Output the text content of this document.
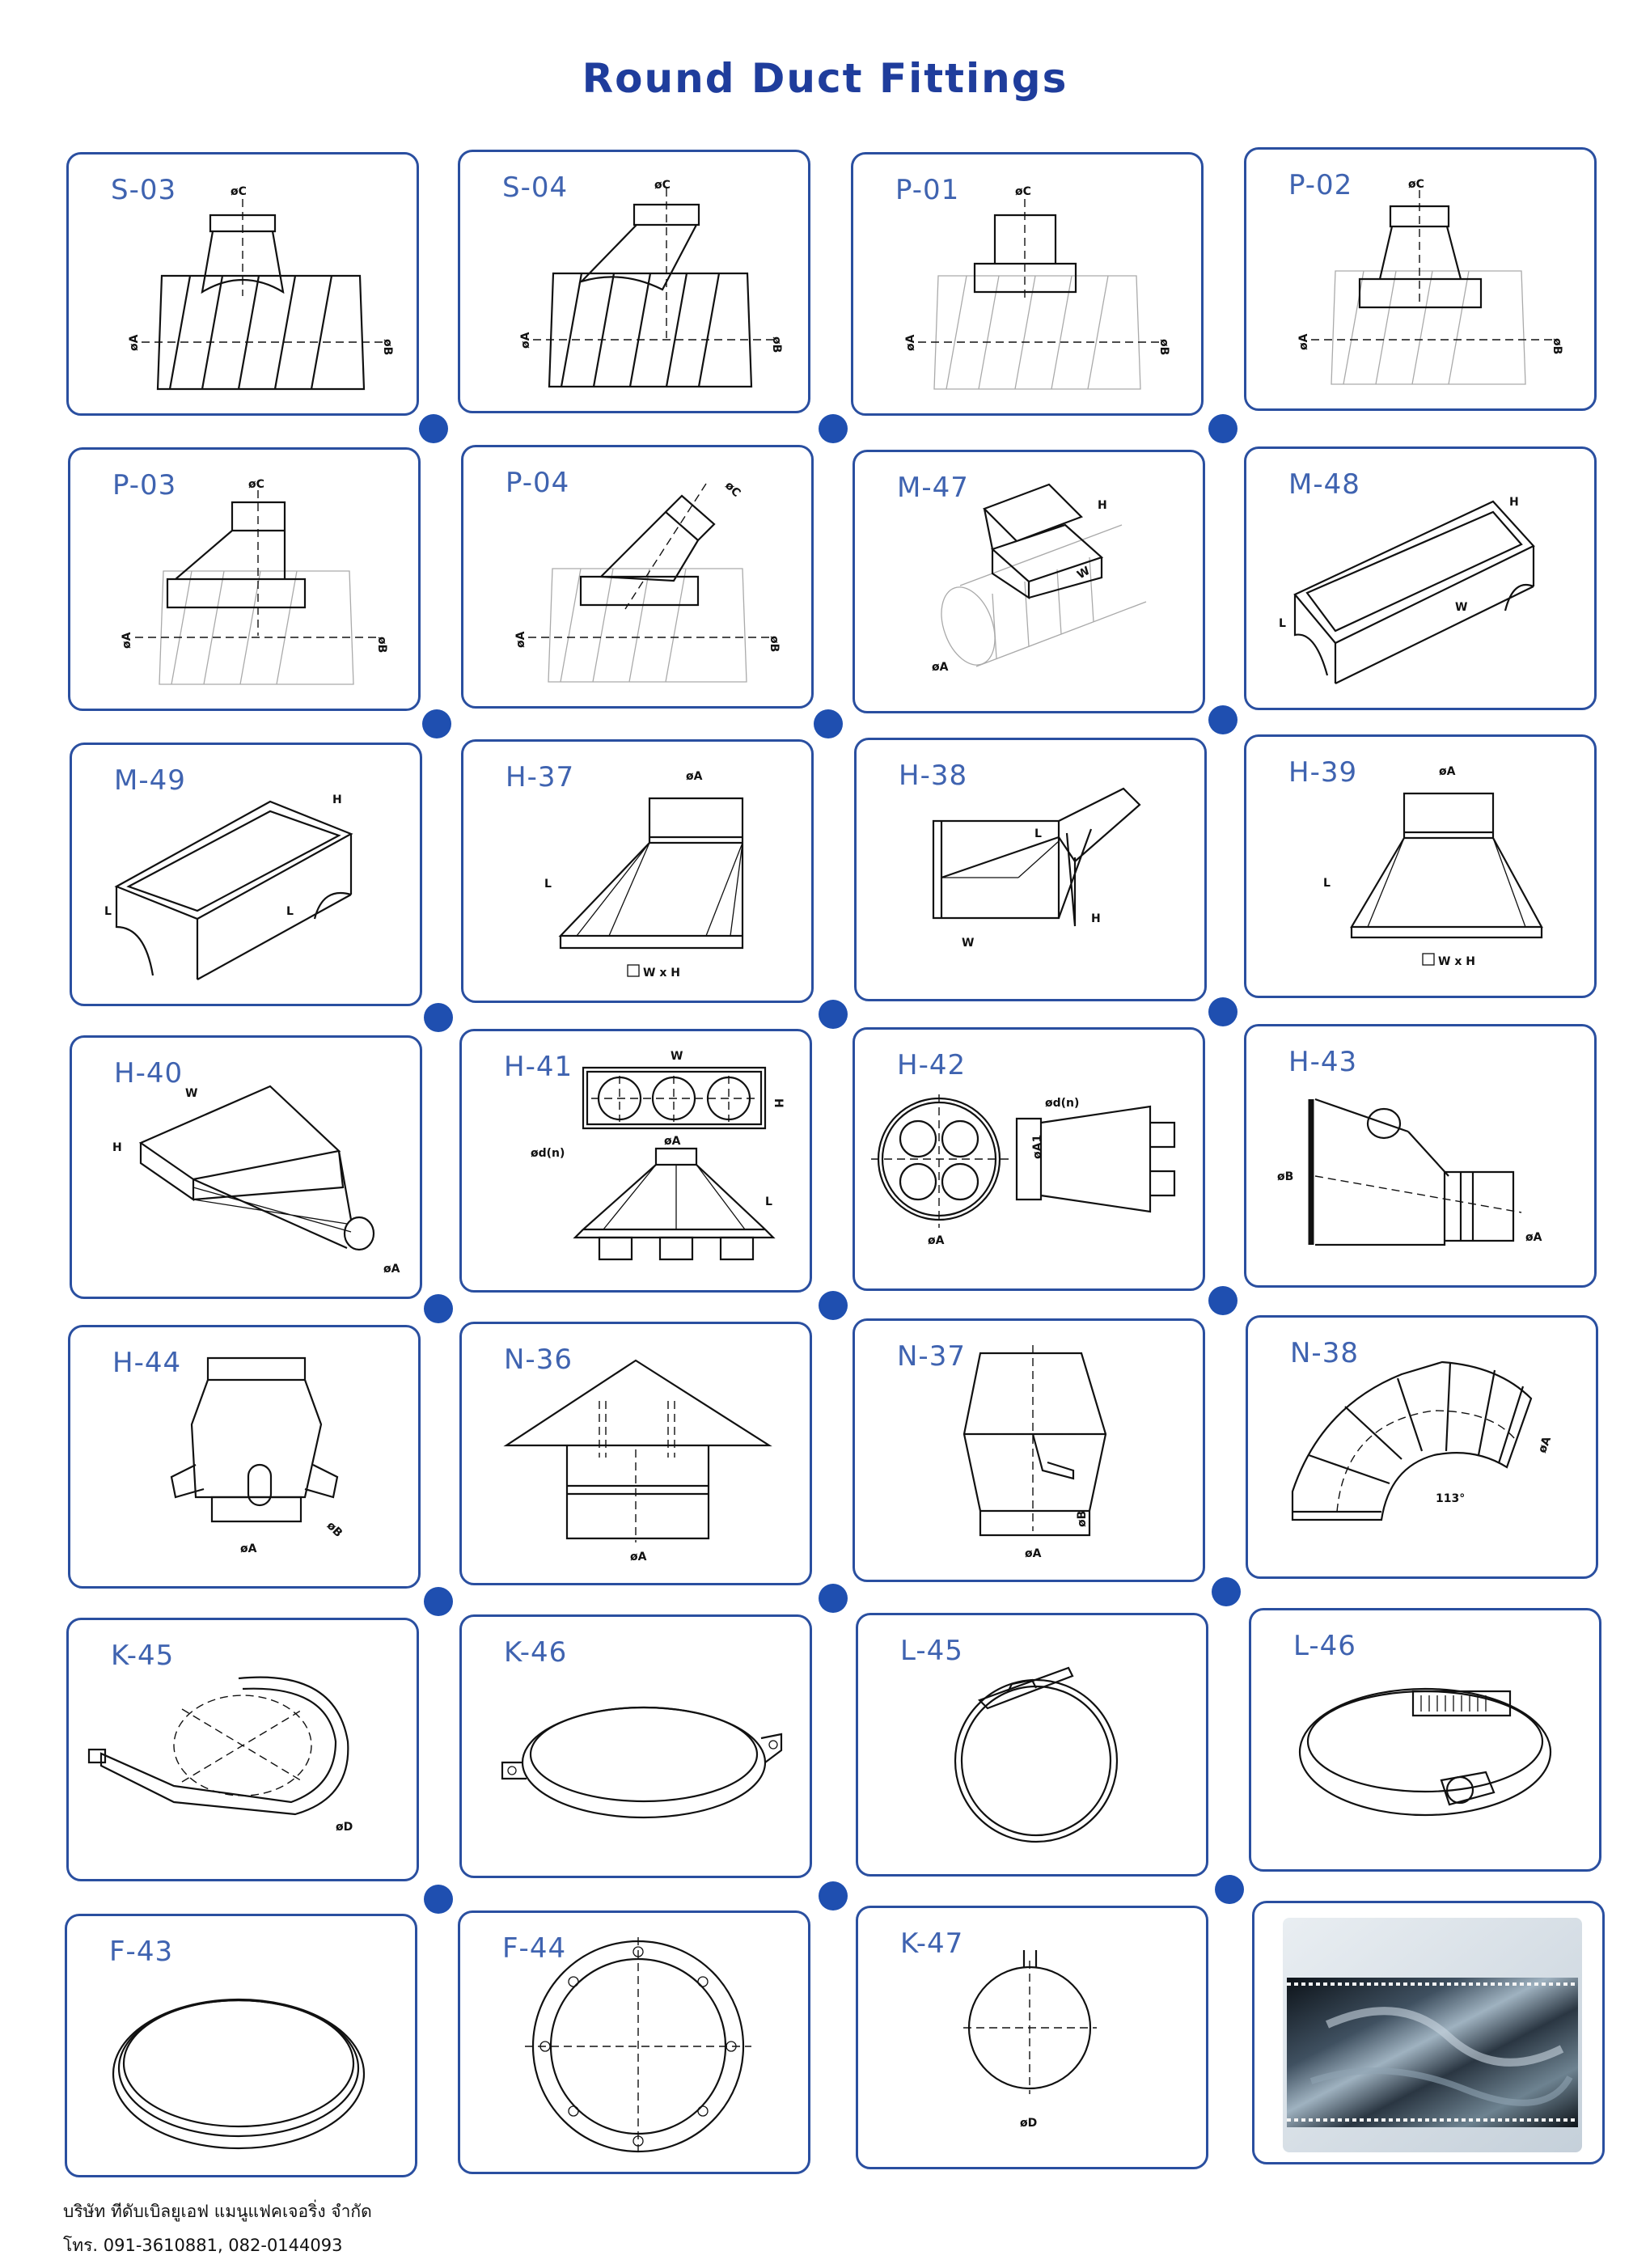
Round Duct Fittings
S-03	øC
øA	øB
S-04	øC
øA	øB
P-01	øC
øA	øB
P-02	øC
øA	øB
P-03	øC
øA	øB
P-04	øC
øA	øB
M-47
H
W
øA
M-48
H
W
L
M-49
H
L
L
H-37	øA
L
W x H
H-38
L
H
W
H-39	øA
L
W x H
H-40
W
H
øA
H-41	W
H
ød(n)
øA
L
H-42
øA1
ød(n)
øA
H-43
øB
øA
H-44
øA
øB
N-36
øA
N-37
øA
øB
N-38
113°
øA
K-45
øD
K-46	L-45	L-46
F-43	F-44	K-47
øD
บริษัท ทีดับเบิลยูเอฟ แมนูแฟคเจอริ่ง จำกัด
โทร. 091-3610881, 082-0144093
